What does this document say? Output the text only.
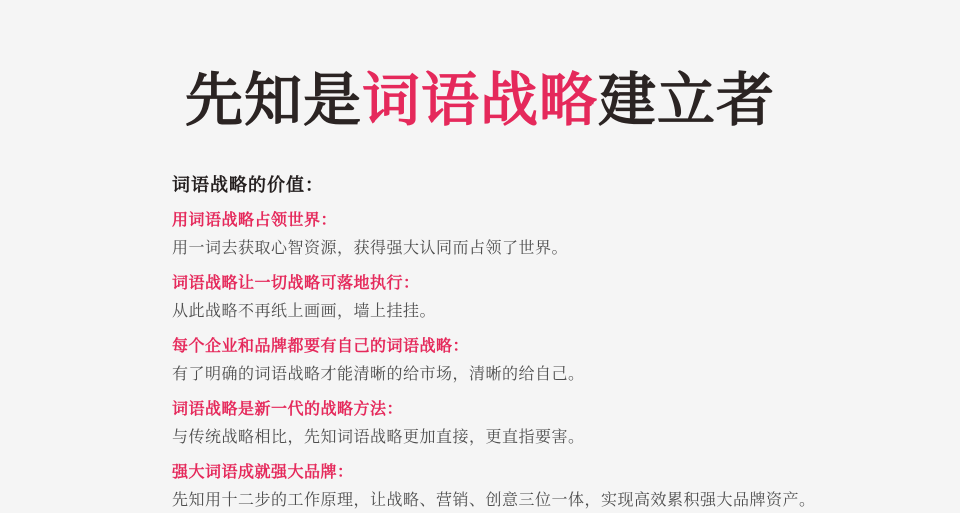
先知是词语战略建立者
词语战略的价值：
用词语战略占领世界：
用一词去获取心智资源，获得强大认同而占领了世界。
词语战略让一切战略可落地执行：
从此战略不再纸上画画，墙上挂挂。
每个企业和品牌都要有自己的词语战略：
有了明确的词语战略才能清晰的给市场，清晰的给自己。
词语战略是新一代的战略方法：
与传统战略相比，先知词语战略更加直接，更直指要害。
强大词语成就强大品牌：
先知用十二步的工作原理，让战略、营销、创意三位一体，实现高效累积强大品牌资产。
